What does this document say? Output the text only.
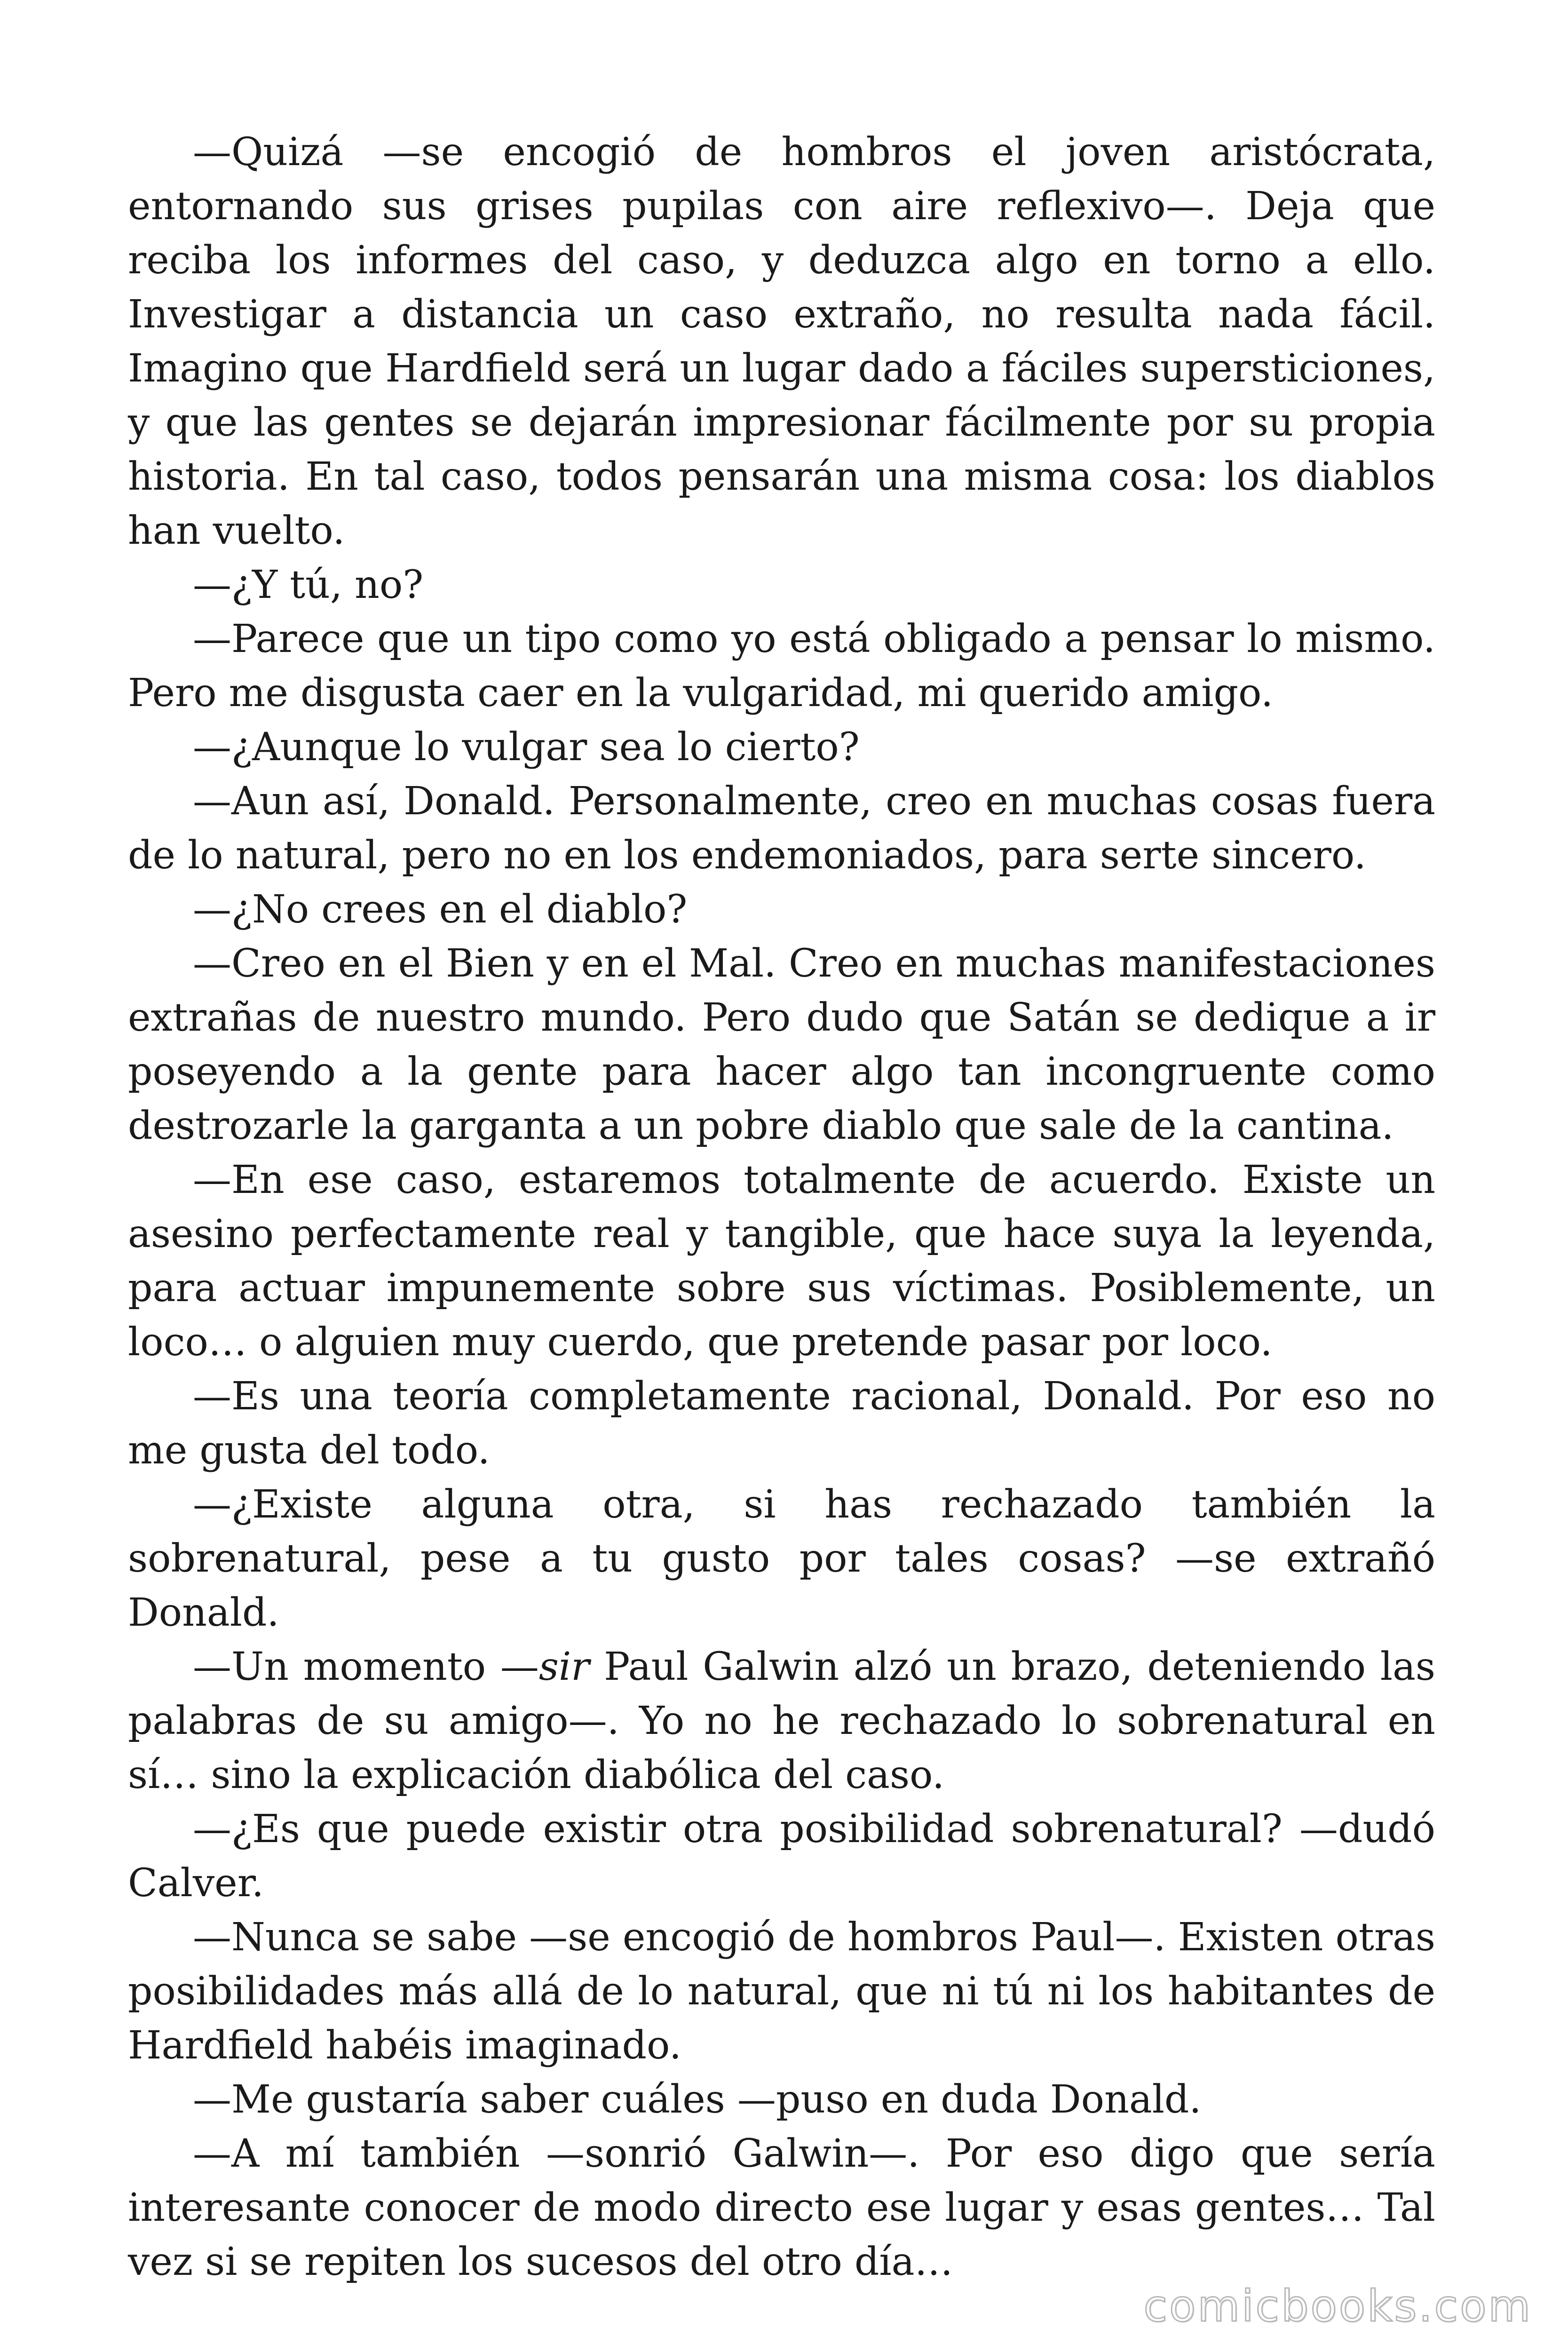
—Quizá —se encogió de hombros el joven aristócrata, entornando sus grises pupilas con aire reflexivo—. Deja que reciba los informes del caso, y deduzca algo en torno a ello. Investigar a distancia un caso extraño, no resulta nada fácil. Imagino que Hardfield será un lugar dado a fáciles supersticiones, y que las gentes se dejarán impresionar fácilmente por su propia historia. En tal caso, todos pensarán una misma cosa: los diablos han vuelto.

—¿Y tú, no?

—Parece que un tipo como yo está obligado a pensar lo mismo. Pero me disgusta caer en la vulgaridad, mi querido amigo.

—¿Aunque lo vulgar sea lo cierto?

—Aun así, Donald. Personalmente, creo en muchas cosas fuera de lo natural, pero no en los endemoniados, para serte sincero.

—¿No crees en el diablo?

—Creo en el Bien y en el Mal. Creo en muchas manifestaciones extrañas de nuestro mundo. Pero dudo que Satán se dedique a ir poseyendo a la gente para hacer algo tan incongruente como destrozarle la garganta a un pobre diablo que sale de la cantina.

—En ese caso, estaremos totalmente de acuerdo. Existe un asesino perfectamente real y tangible, que hace suya la leyenda, para actuar impunemente sobre sus víctimas. Posiblemente, un loco… o alguien muy cuerdo, que pretende pasar por loco.

—Es una teoría completamente racional, Donald. Por eso no me gusta del todo.

—¿Existe alguna otra, si has rechazado también la sobrenatural, pese a tu gusto por tales cosas? —se extrañó Donald.

—Un momento —sir Paul Galwin alzó un brazo, deteniendo las palabras de su amigo—. Yo no he rechazado lo sobrenatural en sí… sino la explicación diabólica del caso.

—¿Es que puede existir otra posibilidad sobrenatural? —dudó Calver.

—Nunca se sabe —se encogió de hombros Paul—. Existen otras posibilidades más allá de lo natural, que ni tú ni los habitantes de Hardfield habéis imaginado.

—Me gustaría saber cuáles —puso en duda Donald.

—A mí también —sonrió Galwin—. Por eso digo que sería interesante conocer de modo directo ese lugar y esas gentes… Tal vez si se repiten los sucesos del otro día…

comicbooks.com
